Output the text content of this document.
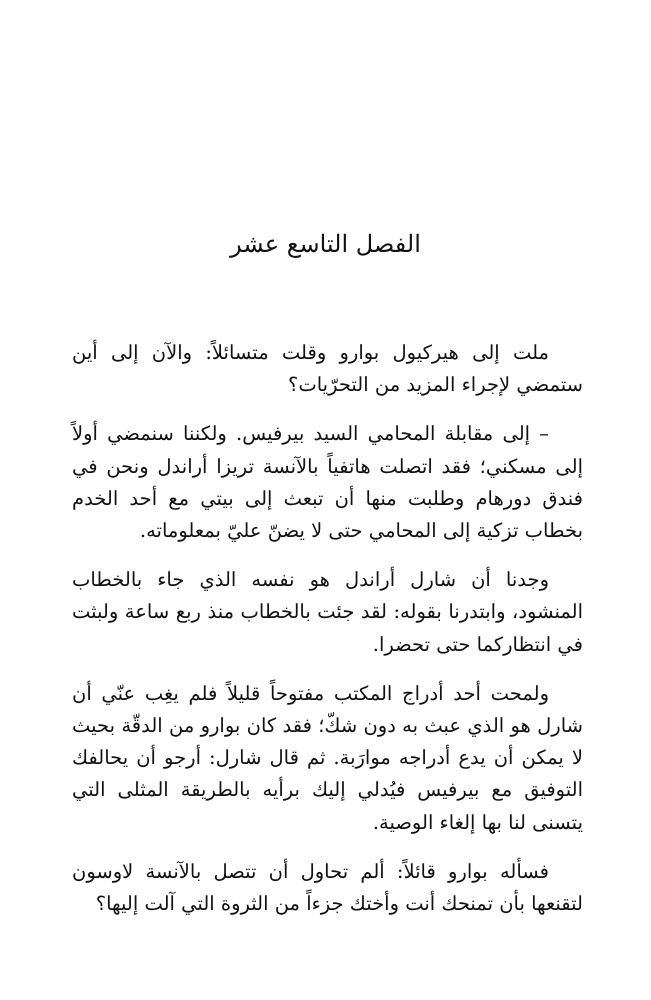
الفصل التاسع عشر

ملت إلى هيركيول بوارو وقلت متسائلاً: والآن إلى أين ستمضي لإجراء المزيد من التحرّيات؟

– إلى مقابلة المحامي السيد بيرفيس. ولكننا سنمضي أولاً إلى مسكني؛ فقد اتصلت هاتفياً بالآنسة تريزا أراندل ونحن في فندق دورهام وطلبت منها أن تبعث إلى بيتي مع أحد الخدم بخطاب تزكية إلى المحامي حتى لا يضنّ عليّ بمعلوماته.

وجدنا أن شارل أراندل هو نفسه الذي جاء بالخطاب المنشود، وابتدرنا بقوله: لقد جئت بالخطاب منذ ربع ساعة ولبثت في انتظاركما حتى تحضرا.

ولمحت أحد أدراج المكتب مفتوحاً قليلاً فلم يغِب عنّي أن شارل هو الذي عبث به دون شكّ؛ فقد كان بوارو من الدقّة بحيث لا يمكن أن يدع أدراجه موارَبة. ثم قال شارل: أرجو أن يحالفك التوفيق مع بيرفيس فيُدلي إليك برأيه بالطريقة المثلى التي يتسنى لنا بها إلغاء الوصية.

فسأله بوارو قائلاً: ألم تحاول أن تتصل بالآنسة لاوسون لتقنعها بأن تمنحك أنت وأختك جزءاً من الثروة التي آلت إليها؟
